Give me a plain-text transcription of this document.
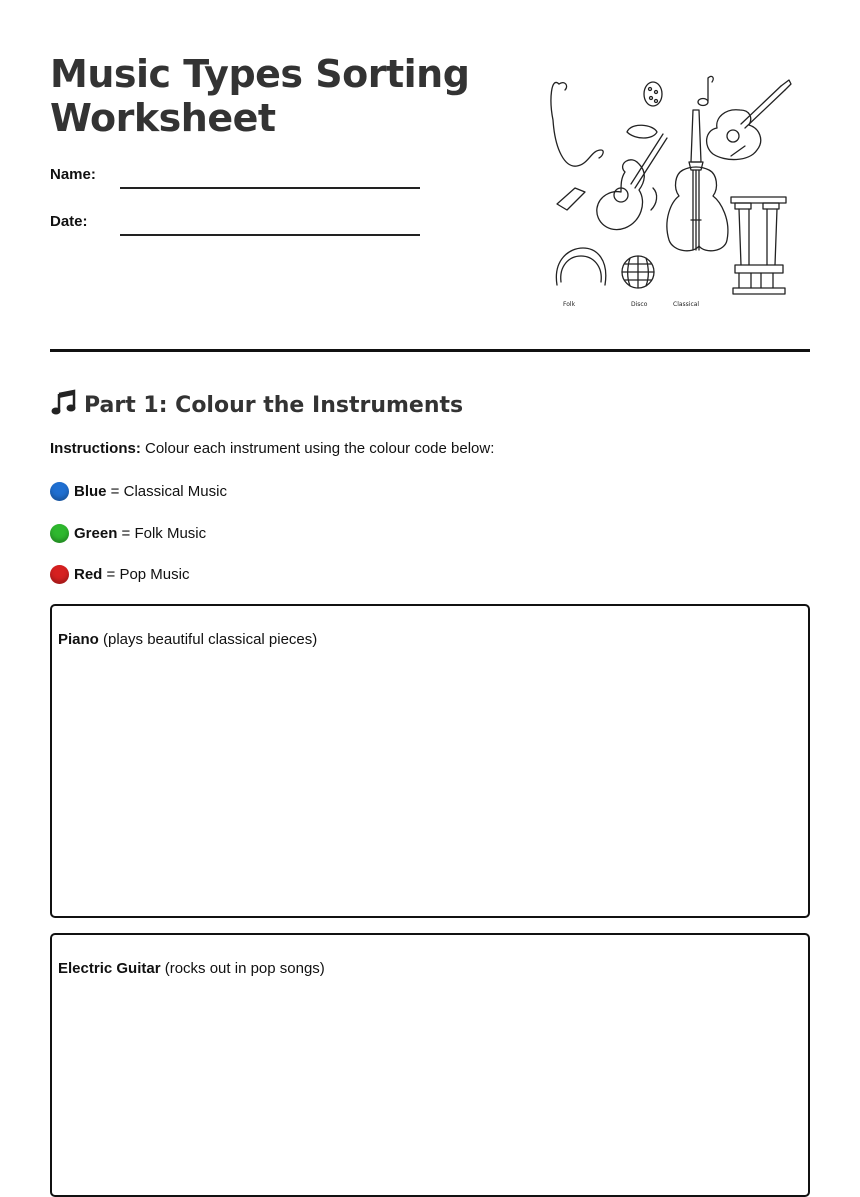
Music Types Sorting Worksheet
Name:
Date:
Folk	Disco	Classical
Part 1: Colour the Instruments
Instructions: Colour each instrument using the colour code below:
Blue = Classical Music
Green = Folk Music
Red = Pop Music
Piano (plays beautiful classical pieces)
Electric Guitar (rocks out in pop songs)
